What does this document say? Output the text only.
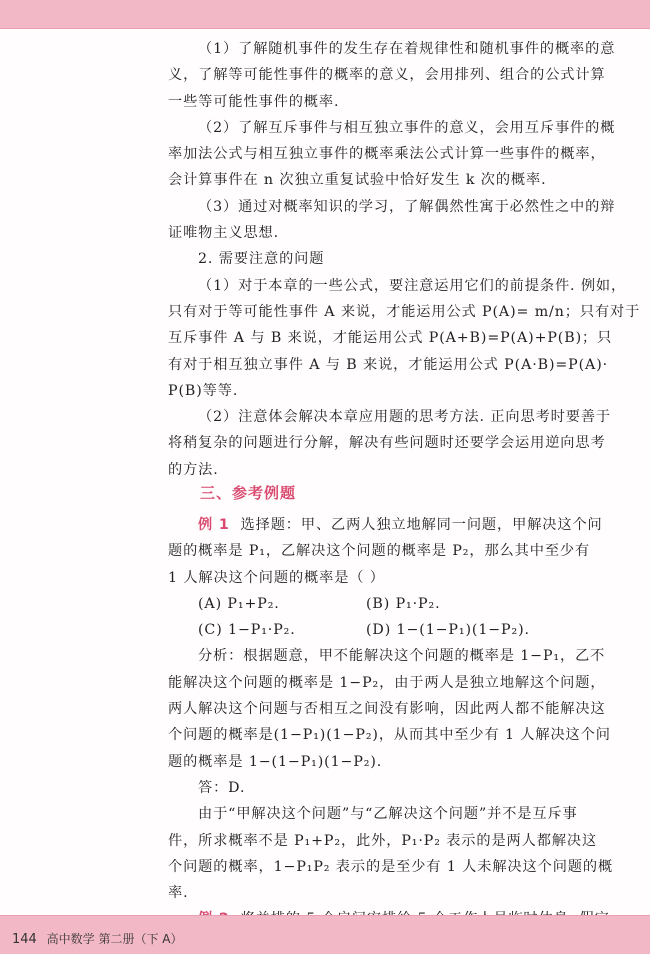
（1）了解随机事件的发生存在着规律性和随机事件的概率的意

义，了解等可能性事件的概率的意义，会用排列、组合的公式计算

一些等可能性事件的概率.

（2）了解互斥事件与相互独立事件的意义，会用互斥事件的概

率加法公式与相互独立事件的概率乘法公式计算一些事件的概率，

会计算事件在 n 次独立重复试验中恰好发生 k 次的概率.

（3）通过对概率知识的学习，了解偶然性寓于必然性之中的辩

证唯物主义思想.

2. 需要注意的问题

（1）对于本章的一些公式，要注意运用它们的前提条件. 例如，

只有对于等可能性事件 A 来说，才能运用公式 P(A)= m/n；只有对于

互斥事件 A 与 B 来说，才能运用公式 P(A+B)=P(A)+P(B)；只

有对于相互独立事件 A 与 B 来说，才能运用公式 P(A·B)=P(A)·

P(B)等等.

（2）注意体会解决本章应用题的思考方法. 正向思考时要善于

将稍复杂的问题进行分解，解决有些问题时还要学会运用逆向思考

的方法.

三、参考例题

例 1 选择题：甲、乙两人独立地解同一问题，甲解决这个问

题的概率是 P₁，乙解决这个问题的概率是 P₂，那么其中至少有

1 人解决这个问题的概率是（ ）

(A) P₁+P₂.	(B) P₁·P₂.

(C) 1−P₁·P₂.	(D) 1−(1−P₁)(1−P₂).

分析：根据题意，甲不能解决这个问题的概率是 1−P₁，乙不

能解决这个问题的概率是 1−P₂，由于两人是独立地解这个问题，

两人解决这个问题与否相互之间没有影响，因此两人都不能解决这

个问题的概率是(1−P₁)(1−P₂)，从而其中至少有 1 人解决这个问

题的概率是 1−(1−P₁)(1−P₂).

答：D.

由于“甲解决这个问题”与“乙解决这个问题”并不是互斥事

件，所求概率不是 P₁+P₂，此外，P₁·P₂ 表示的是两人都解决这

个问题的概率，1−P₁P₂ 表示的是至少有 1 人未解决这个问题的概

率.

144 高中数学 第二册（下 A）
